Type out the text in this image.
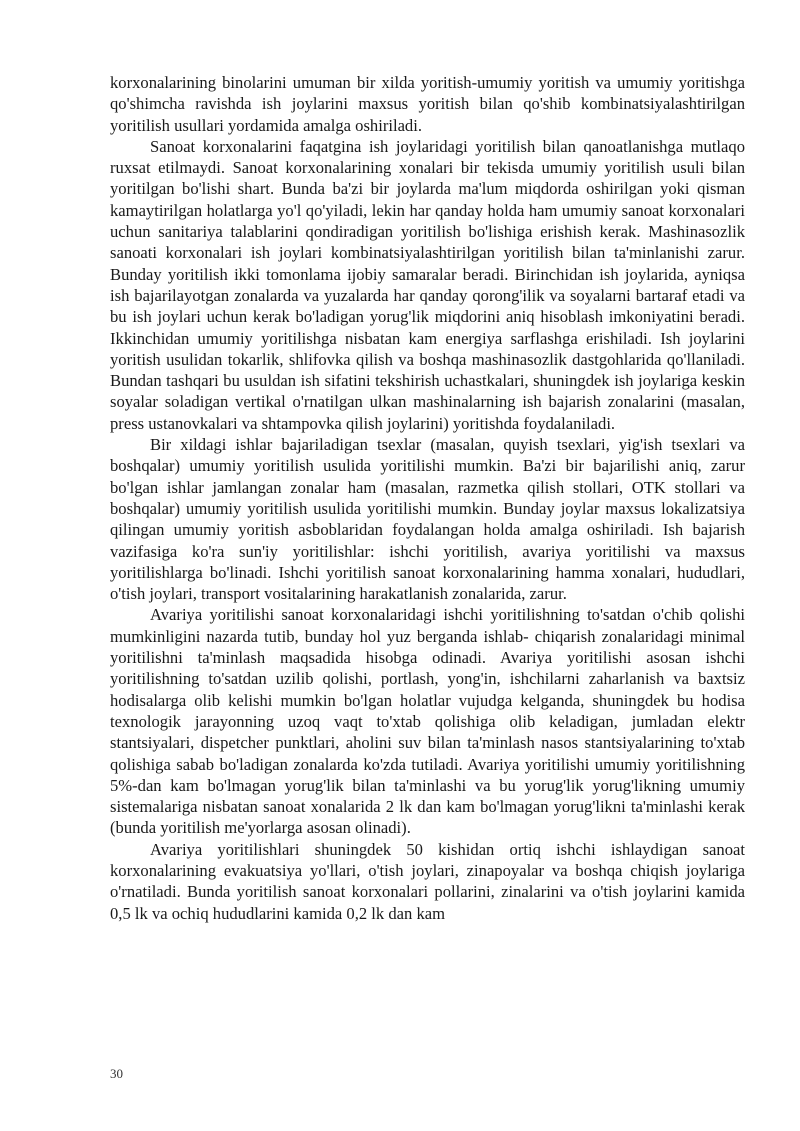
korxonalarining binolarini umuman bir xilda yoritish-umumiy yoritish va umumiy yoritishga qo'shimcha ravishda ish joylarini maxsus yoritish bilan qo'shib kombinatsiyalashtirilgan yoritilish usullari yordamida amalga oshiriladi.

Sanoat korxonalarini faqatgina ish joylaridagi yoritilish bilan qanoatlanishga mutlaqo ruxsat etilmaydi. Sanoat korxonalarining xonalari bir tekisda umumiy yoritilish usuli bilan yoritilgan bo'lishi shart. Bunda ba'zi bir joylarda ma'lum miqdorda oshirilgan yoki qisman kamaytirilgan holatlarga yo'l qo'yiladi, lekin har qanday holda ham umumiy sanoat korxonalari uchun sanitariya talablarini qondiradigan yoritilish bo'lishiga erishish kerak. Mashinasozlik sanoati korxonalari ish joylari kombinatsiyalashtirilgan yoritilish bilan ta'minlanishi zarur. Bunday yoritilish ikki tomonlama ijobiy samaralar beradi. Birinchidan ish joylarida, ayniqsa ish bajarilayotgan zonalarda va yuzalarda har qanday qorong'ilik va soyalarni bartaraf etadi va bu ish joylari uchun kerak bo'ladigan yorug'lik miqdorini aniq hisoblash imkoniyatini beradi. Ikkinchidan umumiy yoritilishga nisbatan kam energiya sarflashga erishiladi. Ish joylarini yoritish usulidan tokarlik, shlifovka qilish va boshqa mashinasozlik dastgohlarida qo'llaniladi. Bundan tashqari bu usuldan ish sifatini tekshirish uchastkalari, shuningdek ish joylariga keskin soyalar soladigan vertikal o'rnatilgan ulkan mashinalarning ish bajarish zonalarini (masalan, press ustanovkalari va shtampovka qilish joylarini) yoritishda foydalaniladi.

Bir xildagi ishlar bajariladigan tsexlar (masalan, quyish tsexlari, yig'ish tsexlari va boshqalar) umumiy yoritilish usulida yoritilishi mumkin. Ba'zi bir bajarilishi aniq, zarur bo'lgan ishlar jamlangan zonalar ham (masalan, razmetka qilish stollari, OTK stollari va boshqalar) umumiy yoritilish usulida yoritilishi mumkin. Bunday joylar maxsus lokalizatsiya qilingan umumiy yoritish asboblaridan foydalangan holda amalga oshiriladi. Ish bajarish vazifasiga ko'ra sun'iy yoritilishlar: ishchi yoritilish, avariya yoritilishi va maxsus yoritilishlarga bo'linadi. Ishchi yoritilish sanoat korxonalarining hamma xonalari, hududlari, o'tish joylari, transport vositalarining harakatlanish zonalarida, zarur.

Avariya yoritilishi sanoat korxonalaridagi ishchi yoritilishning to'satdan o'chib qolishi mumkinligini nazarda tutib, bunday hol yuz berganda ishlab- chiqarish zonalaridagi minimal yoritilishni ta'minlash maqsadida hisobga odinadi. Avariya yoritilishi asosan ishchi yoritilishning to'satdan uzilib qolishi, portlash, yong'in, ishchilarni zaharlanish va baxtsiz hodisalarga olib kelishi mumkin bo'lgan holatlar vujudga kelganda, shuningdek bu hodisa texnologik jarayonning uzoq vaqt to'xtab qolishiga olib keladigan, jumladan elektr stantsiyalari, dispetcher punktlari, aholini suv bilan ta'minlash nasos stantsiyalarining to'xtab qolishiga sabab bo'ladigan zonalarda ko'zda tutiladi. Avariya yoritilishi umumiy yoritilishning 5%-dan kam bo'lmagan yorug'lik bilan ta'minlashi va bu yorug'lik yorug'likning umumiy sistemalariga nisbatan sanoat xonalarida 2 lk dan kam bo'lmagan yorug'likni ta'minlashi kerak (bunda yoritilish me'yorlarga asosan olinadi).

Avariya yoritilishlari shuningdek 50 kishidan ortiq ishchi ishlaydigan sanoat korxonalarining evakuatsiya yo'llari, o'tish joylari, zinapoyalar va boshqa chiqish joylariga o'rnatiladi. Bunda yoritilish sanoat korxonalari pollarini, zinalarini va o'tish joylarini kamida 0,5 lk va ochiq hududlarini kamida 0,2 lk dan kam

30
